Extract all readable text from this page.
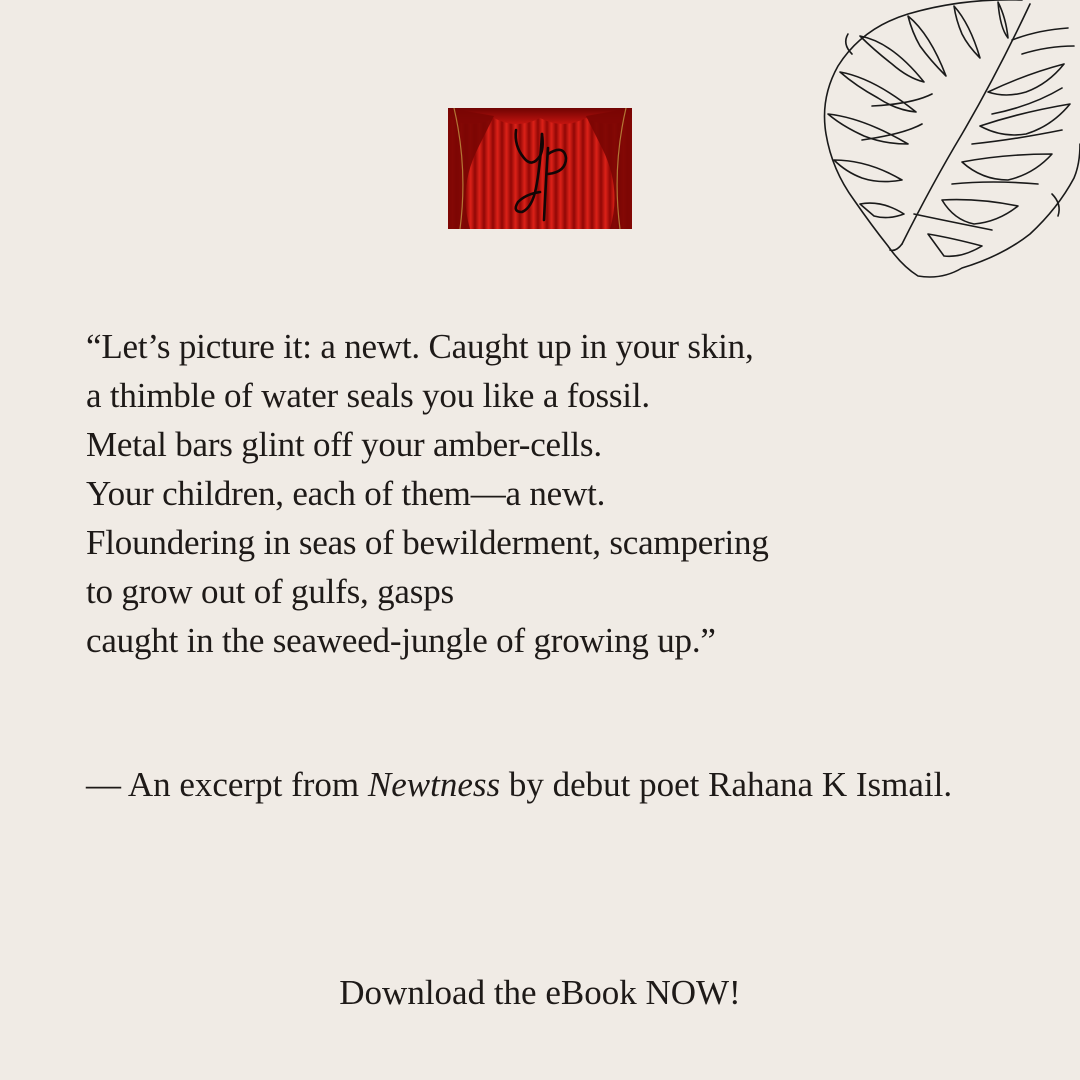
“Let’s picture it: a newt. Caught up in your skin,
a thimble of water seals you like a fossil.
Metal bars glint off your amber-cells.
Your children, each of them—a newt.
Floundering in seas of bewilderment, scampering
to grow out of gulfs, gasps
caught in the seaweed-jungle of growing up.”
— An excerpt from Newtness by debut poet Rahana K Ismail.
Download the eBook NOW!
